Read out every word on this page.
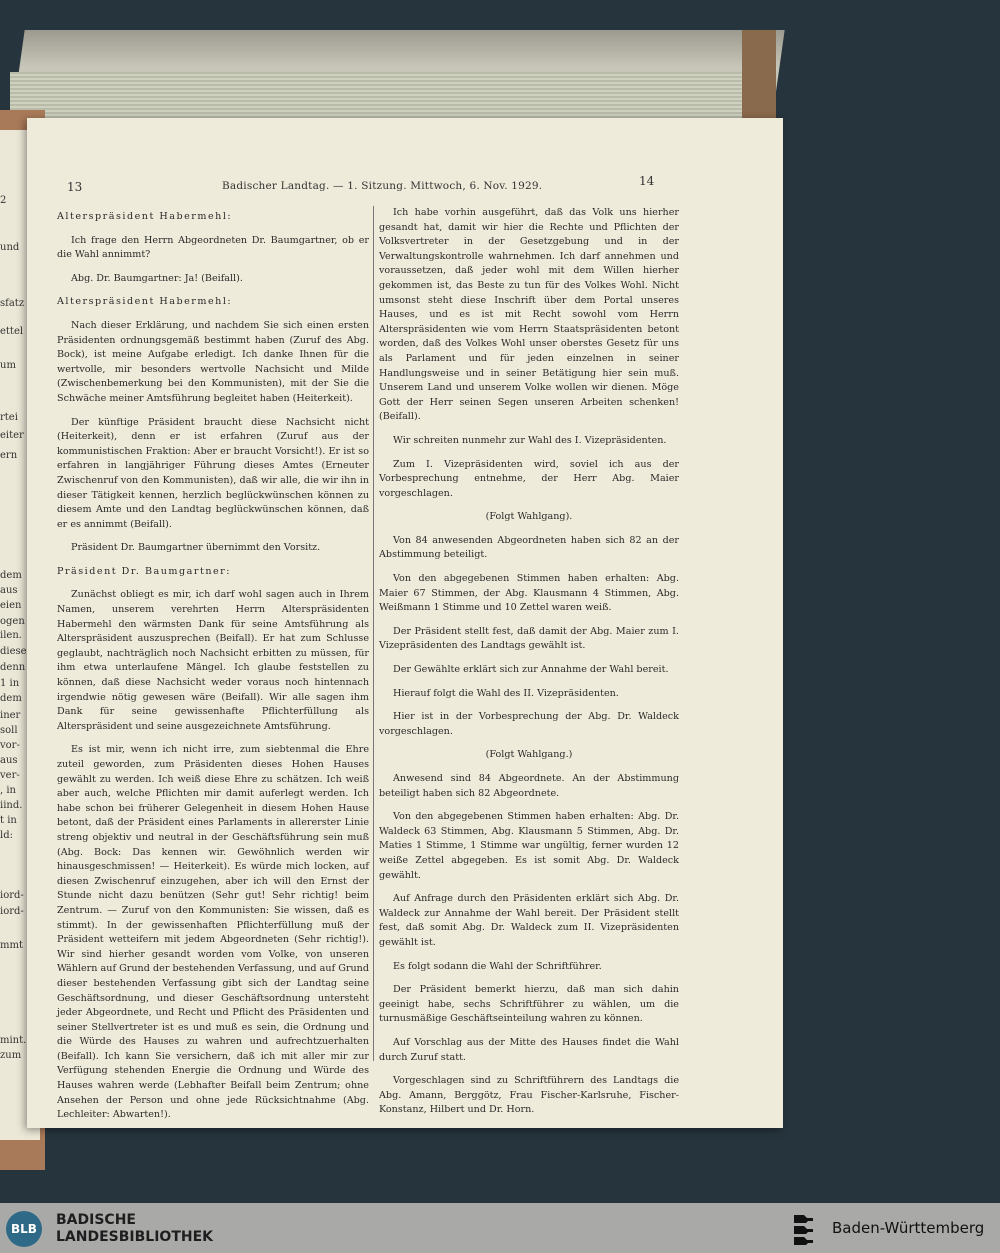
2
und
sfatz
ettel
um
rtei
eiter
ern
dem
aus
eien
ogen
ilen.
diese
denn
1 in
dem
iner
soll
vor-
aus
ver-
, in
iind.
t in
ld:
iord-
iord-
mmt
mint.
zum
13	Badischer Landtag. — 1. Sitzung. Mittwoch, 6. Nov. 1929.	14

Alterspräsident Habermehl:

Ich frage den Herrn Abgeordneten Dr. Baumgartner, ob er die Wahl annimmt?

Abg. Dr. Baumgartner: Ja! (Beifall).

Alterspräsident Habermehl:

Nach dieser Erklärung, und nachdem Sie sich einen ersten Präsidenten ordnungsgemäß bestimmt haben (Zuruf des Abg. Bock), ist meine Aufgabe erledigt. Ich danke Ihnen für die wertvolle, mir besonders wertvolle Nachsicht und Milde (Zwischenbemerkung bei den Kommunisten), mit der Sie die Schwäche meiner Amtsführung begleitet haben (Heiterkeit).

Der künftige Präsident braucht diese Nachsicht nicht (Heiterkeit), denn er ist erfahren (Zuruf aus der kommunistischen Fraktion: Aber er braucht Vorsicht!). Er ist so erfahren in langjähriger Führung dieses Amtes (Erneuter Zwischenruf von den Kommunisten), daß wir alle, die wir ihn in dieser Tätigkeit kennen, herzlich beglückwünschen können zu diesem Amte und den Landtag beglückwünschen können, daß er es annimmt (Beifall).

Präsident Dr. Baumgartner übernimmt den Vorsitz.

Präsident Dr. Baumgartner:

Zunächst obliegt es mir, ich darf wohl sagen auch in Ihrem Namen, unserem verehrten Herrn Alterspräsidenten Habermehl den wärmsten Dank für seine Amtsführung als Alterspräsident auszusprechen (Beifall). Er hat zum Schlusse geglaubt, nachträglich noch Nachsicht erbitten zu müssen, für ihm etwa unterlaufene Mängel. Ich glaube feststellen zu können, daß diese Nachsicht weder voraus noch hintennach irgendwie nötig gewesen wäre (Beifall). Wir alle sagen ihm Dank für seine gewissenhafte Pflichterfüllung als Alterspräsident und seine ausgezeichnete Amtsführung.

Es ist mir, wenn ich nicht irre, zum siebtenmal die Ehre zuteil geworden, zum Präsidenten dieses Hohen Hauses gewählt zu werden. Ich weiß diese Ehre zu schätzen. Ich weiß aber auch, welche Pflichten mir damit auferlegt werden. Ich habe schon bei früherer Gelegenheit in diesem Hohen Hause betont, daß der Präsident eines Parlaments in allererster Linie streng objektiv und neutral in der Geschäftsführung sein muß (Abg. Bock: Das kennen wir. Gewöhnlich werden wir hinausgeschmissen! — Heiterkeit). Es würde mich locken, auf diesen Zwischenruf einzugehen, aber ich will den Ernst der Stunde nicht dazu benützen (Sehr gut! Sehr richtig! beim Zentrum. — Zuruf von den Kommunisten: Sie wissen, daß es stimmt). In der gewissenhaften Pflichterfüllung muß der Präsident wetteifern mit jedem Abgeordneten (Sehr richtig!). Wir sind hierher gesandt worden vom Volke, von unseren Wählern auf Grund der bestehenden Verfassung, und auf Grund dieser bestehenden Verfassung gibt sich der Landtag seine Geschäftsordnung, und dieser Geschäftsordnung untersteht jeder Abgeordnete, und Recht und Pflicht des Präsidenten und seiner Stellvertreter ist es und muß es sein, die Ordnung und die Würde des Hauses zu wahren und aufrechtzuerhalten (Beifall). Ich kann Sie versichern, daß ich mit aller mir zur Verfügung stehenden Energie die Ordnung und Würde des Hauses wahren werde (Lebhafter Beifall beim Zentrum; ohne Ansehen der Person und ohne jede Rücksichtnahme (Abg. Lechleiter: Abwarten!).

Ich habe vorhin ausgeführt, daß das Volk uns hierher gesandt hat, damit wir hier die Rechte und Pflichten der Volksvertreter in der Gesetzgebung und in der Verwaltungskontrolle wahrnehmen. Ich darf annehmen und voraussetzen, daß jeder wohl mit dem Willen hierher gekommen ist, das Beste zu tun für des Volkes Wohl. Nicht umsonst steht diese Inschrift über dem Portal unseres Hauses, und es ist mit Recht sowohl vom Herrn Alterspräsidenten wie vom Herrn Staatspräsidenten betont worden, daß des Volkes Wohl unser oberstes Gesetz für uns als Parlament und für jeden einzelnen in seiner Handlungsweise und in seiner Betätigung hier sein muß. Unserem Land und unserem Volke wollen wir dienen. Möge Gott der Herr seinen Segen unseren Arbeiten schenken! (Beifall).

Wir schreiten nunmehr zur Wahl des I. Vizepräsidenten.

Zum I. Vizepräsidenten wird, soviel ich aus der Vorbesprechung entnehme, der Herr Abg. Maier vorgeschlagen.

(Folgt Wahlgang).

Von 84 anwesenden Abgeordneten haben sich 82 an der Abstimmung beteiligt.

Von den abgegebenen Stimmen haben erhalten: Abg. Maier 67 Stimmen, der Abg. Klausmann 4 Stimmen, Abg. Weißmann 1 Stimme und 10 Zettel waren weiß.

Der Präsident stellt fest, daß damit der Abg. Maier zum I. Vizepräsidenten des Landtags gewählt ist.

Der Gewählte erklärt sich zur Annahme der Wahl bereit.

Hierauf folgt die Wahl des II. Vizepräsidenten.

Hier ist in der Vorbesprechung der Abg. Dr. Waldeck vorgeschlagen.

(Folgt Wahlgang.)

Anwesend sind 84 Abgeordnete. An der Abstimmung beteiligt haben sich 82 Abgeordnete.

Von den abgegebenen Stimmen haben erhalten: Abg. Dr. Waldeck 63 Stimmen, Abg. Klausmann 5 Stimmen, Abg. Dr. Maties 1 Stimme, 1 Stimme war ungültig, ferner wurden 12 weiße Zettel abgegeben. Es ist somit Abg. Dr. Waldeck gewählt.

Auf Anfrage durch den Präsidenten erklärt sich Abg. Dr. Waldeck zur Annahme der Wahl bereit. Der Präsident stellt fest, daß somit Abg. Dr. Waldeck zum II. Vizepräsidenten gewählt ist.

Es folgt sodann die Wahl der Schriftführer.

Der Präsident bemerkt hierzu, daß man sich dahin geeinigt habe, sechs Schriftführer zu wählen, um die turnusmäßige Geschäftseinteilung wahren zu können.

Auf Vorschlag aus der Mitte des Hauses findet die Wahl durch Zuruf statt.

Vorgeschlagen sind zu Schriftführern des Landtags die Abg. Amann, Berggötz, Frau Fischer-Karlsruhe, Fischer-Konstanz, Hilbert und Dr. Horn.

BLB
BADISCHE
LANDESBIBLIOTHEK	Baden-Württemberg
